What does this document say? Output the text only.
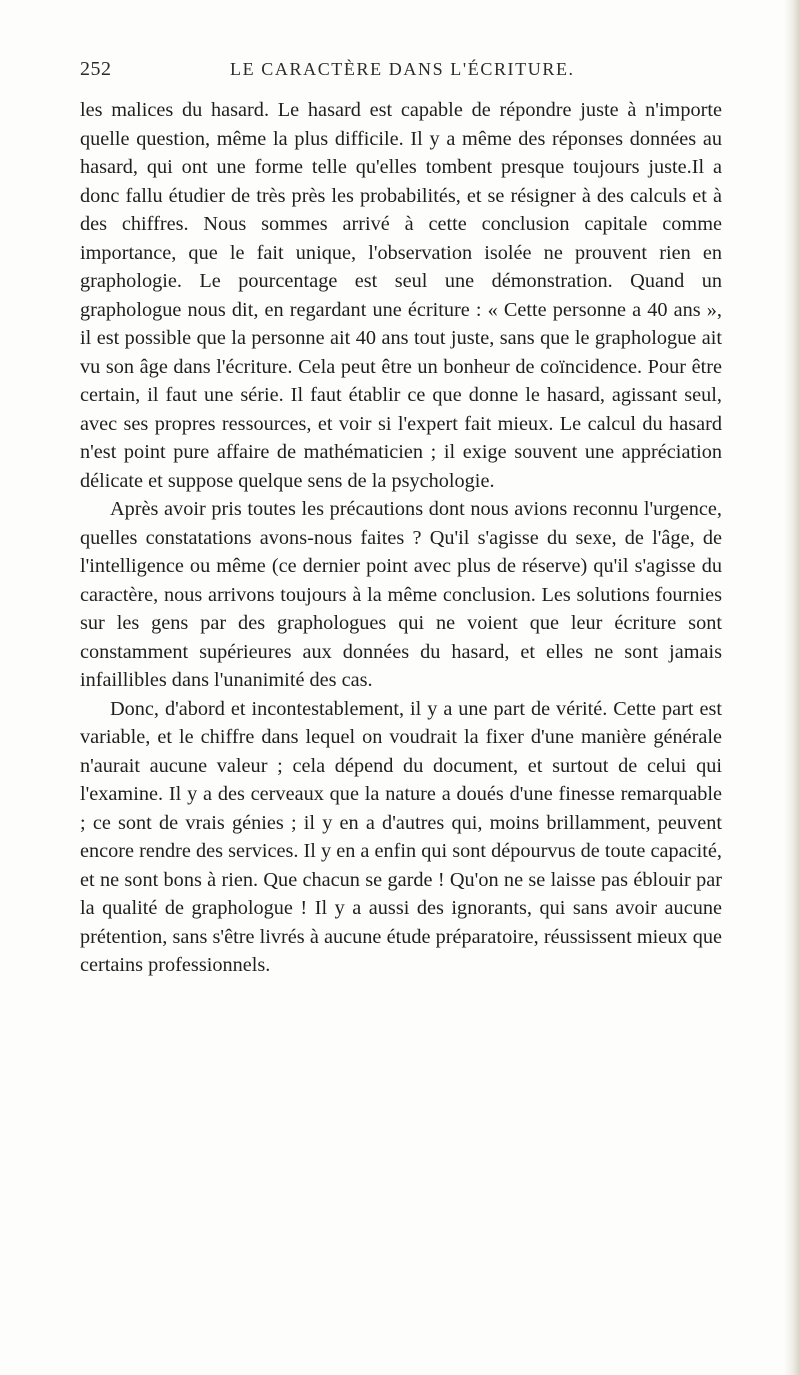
252	LE CARACTÈRE DANS L'ÉCRITURE.

les malices du hasard. Le hasard est capable de répondre juste à n'importe quelle question, même la plus difficile. Il y a même des réponses données au hasard, qui ont une forme telle qu'elles tombent presque toujours juste.Il a donc fallu étudier de très près les probabilités, et se résigner à des calculs et à des chiffres. Nous sommes arrivé à cette conclusion capitale comme importance, que le fait unique, l'observation isolée ne prouvent rien en graphologie. Le pourcentage est seul une démonstration. Quand un graphologue nous dit, en regardant une écriture : « Cette personne a 40 ans », il est possible que la personne ait 40 ans tout juste, sans que le graphologue ait vu son âge dans l'écriture. Cela peut être un bonheur de coïncidence. Pour être certain, il faut une série. Il faut établir ce que donne le hasard, agissant seul, avec ses propres ressources, et voir si l'expert fait mieux. Le calcul du hasard n'est point pure affaire de mathématicien ; il exige souvent une appréciation délicate et suppose quelque sens de la psychologie.

Après avoir pris toutes les précautions dont nous avions reconnu l'urgence, quelles constatations avons-nous faites ? Qu'il s'agisse du sexe, de l'âge, de l'intelligence ou même (ce dernier point avec plus de réserve) qu'il s'agisse du caractère, nous arrivons toujours à la même conclusion. Les solutions fournies sur les gens par des graphologues qui ne voient que leur écriture sont constamment supérieures aux données du hasard, et elles ne sont jamais infaillibles dans l'unanimité des cas.

Donc, d'abord et incontestablement, il y a une part de vérité. Cette part est variable, et le chiffre dans lequel on voudrait la fixer d'une manière générale n'aurait aucune valeur ; cela dépend du document, et surtout de celui qui l'examine. Il y a des cerveaux que la nature a doués d'une finesse remarquable ; ce sont de vrais génies ; il y en a d'autres qui, moins brillamment, peuvent encore rendre des services. Il y en a enfin qui sont dépourvus de toute capacité, et ne sont bons à rien. Que chacun se garde ! Qu'on ne se laisse pas éblouir par la qualité de graphologue ! Il y a aussi des ignorants, qui sans avoir aucune prétention, sans s'être livrés à aucune étude préparatoire, réussissent mieux que certains professionnels.
